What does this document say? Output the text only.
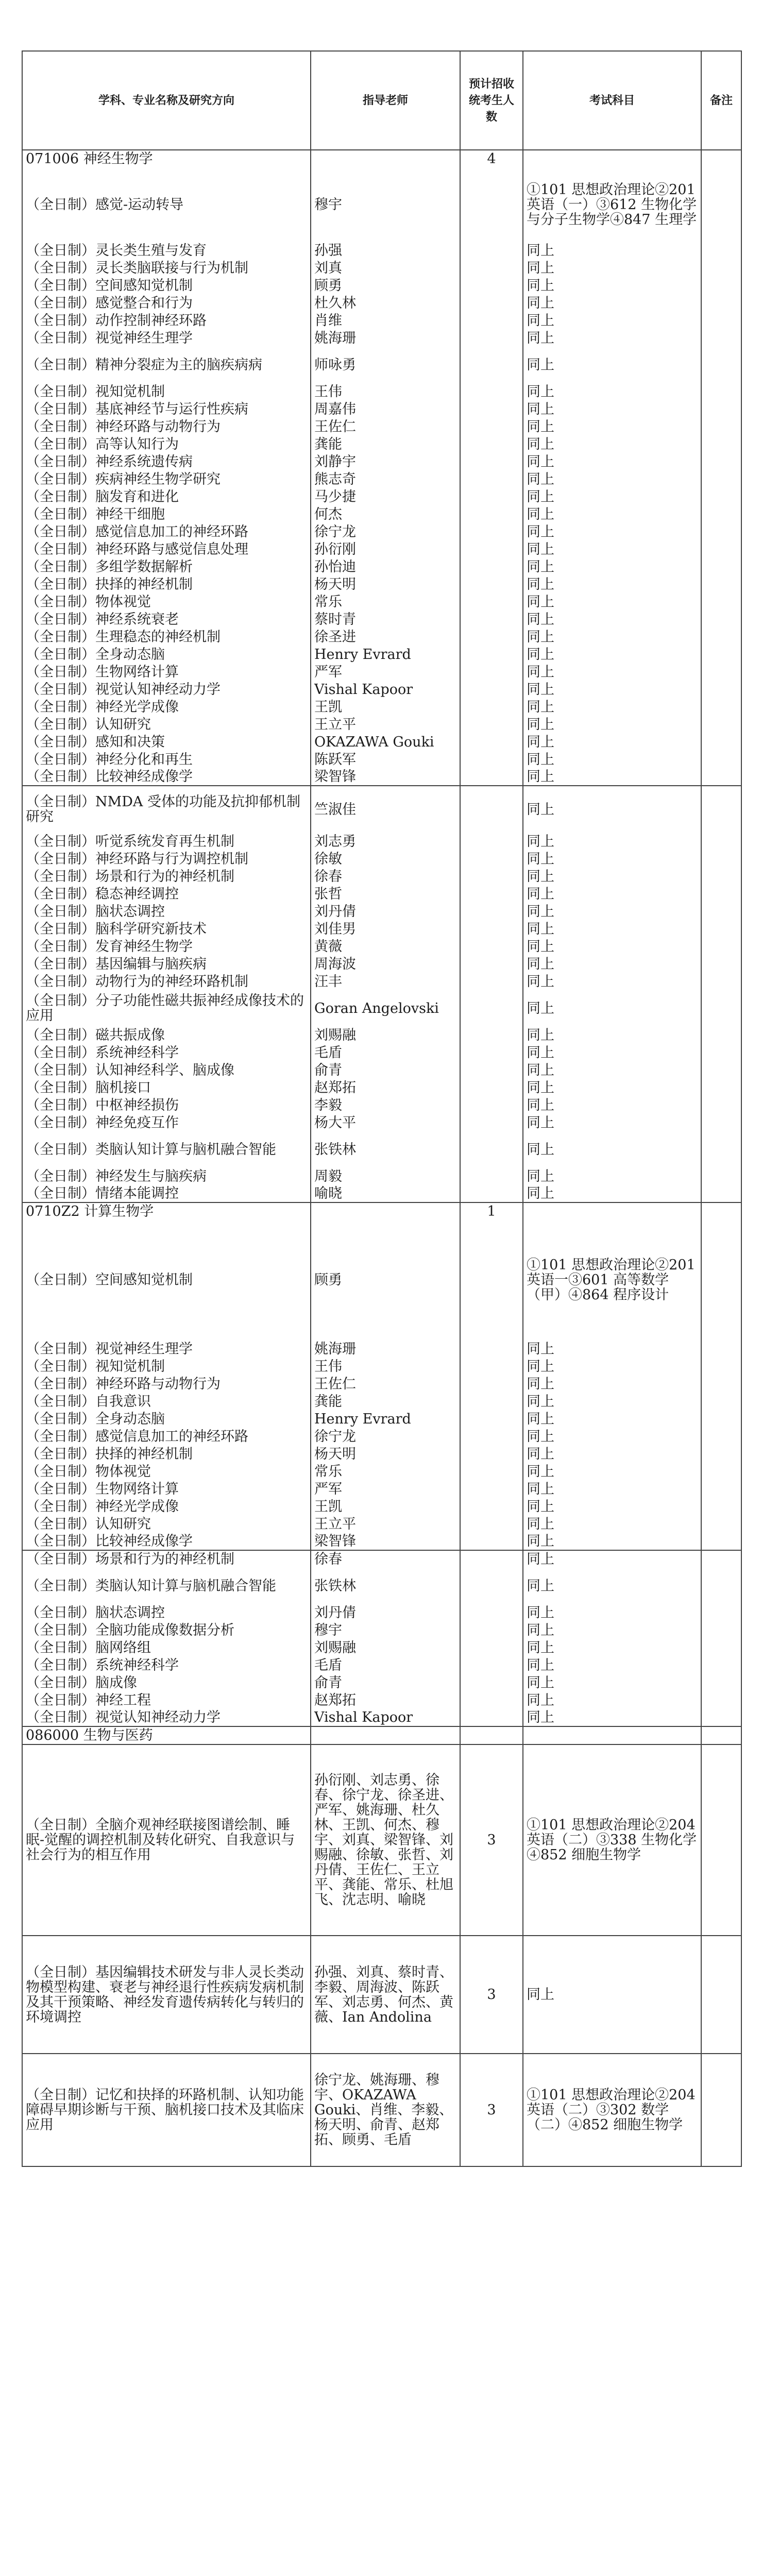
学科、专业名称及研究方向	指导老师	预计招收统考生人数	考试科目	备注
071006 神经生物学		4		
（全日制）感觉-运动转导	穆宇		①101 思想政治理论②201 英语（一）③612 生物化学与分子生物学④847 生理学	
（全日制）灵长类生殖与发育	孙强		同上	
（全日制）灵长类脑联接与行为机制	刘真		同上	
（全日制）空间感知觉机制	顾勇		同上	
（全日制）感觉整合和行为	杜久林		同上	
（全日制）动作控制神经环路	肖维		同上	
（全日制）视觉神经生理学	姚海珊		同上	
（全日制）精神分裂症为主的脑疾病病	师咏勇		同上	
（全日制）视知觉机制	王伟		同上	
（全日制）基底神经节与运行性疾病	周嘉伟		同上	
（全日制）神经环路与动物行为	王佐仁		同上	
（全日制）高等认知行为	龚能		同上	
（全日制）神经系统遗传病	刘静宇		同上	
（全日制）疾病神经生物学研究	熊志奇		同上	
（全日制）脑发育和进化	马少捷		同上	
（全日制）神经干细胞	何杰		同上	
（全日制）感觉信息加工的神经环路	徐宁龙		同上	
（全日制）神经环路与感觉信息处理	孙衍刚		同上	
（全日制）多组学数据解析	孙怡迪		同上	
（全日制）抉择的神经机制	杨天明		同上	
（全日制）物体视觉	常乐		同上	
（全日制）神经系统衰老	蔡时青		同上	
（全日制）生理稳态的神经机制	徐圣进		同上	
（全日制）全身动态脑	Henry Evrard		同上	
（全日制）生物网络计算	严军		同上	
（全日制）视觉认知神经动力学	Vishal Kapoor		同上	
（全日制）神经光学成像	王凯		同上	
（全日制）认知研究	王立平		同上	
（全日制）感知和决策	OKAZAWA Gouki		同上	
（全日制）神经分化和再生	陈跃军		同上	
（全日制）比较神经成像学	梁智锋		同上	
（全日制）NMDA 受体的功能及抗抑郁机制研究	竺淑佳		同上	
（全日制）听觉系统发育再生机制	刘志勇		同上	
（全日制）神经环路与行为调控机制	徐敏		同上	
（全日制）场景和行为的神经机制	徐春		同上	
（全日制）稳态神经调控	张哲		同上	
（全日制）脑状态调控	刘丹倩		同上	
（全日制）脑科学研究新技术	刘佳男		同上	
（全日制）发育神经生物学	黄薇		同上	
（全日制）基因编辑与脑疾病	周海波		同上	
（全日制）动物行为的神经环路机制	汪丰		同上	
（全日制）分子功能性磁共振神经成像技术的应用	Goran Angelovski		同上	
（全日制）磁共振成像	刘赐融		同上	
（全日制）系统神经科学	毛盾		同上	
（全日制）认知神经科学、脑成像	俞青		同上	
（全日制）脑机接口	赵郑拓		同上	
（全日制）中枢神经损伤	李毅		同上	
（全日制）神经免疫互作	杨大平		同上	
（全日制）类脑认知计算与脑机融合智能	张铁林		同上	
（全日制）神经发生与脑疾病	周毅		同上	
（全日制）情绪本能调控	喻晓		同上	
0710Z2 计算生物学		1		
（全日制）空间感知觉机制	顾勇		①101 思想政治理论②201 英语一③601 高等数学（甲）④864 程序设计	
（全日制）视觉神经生理学	姚海珊		同上	
（全日制）视知觉机制	王伟		同上	
（全日制）神经环路与动物行为	王佐仁		同上	
（全日制）自我意识	龚能		同上	
（全日制）全身动态脑	Henry Evrard		同上	
（全日制）感觉信息加工的神经环路	徐宁龙		同上	
（全日制）抉择的神经机制	杨天明		同上	
（全日制）物体视觉	常乐		同上	
（全日制）生物网络计算	严军		同上	
（全日制）神经光学成像	王凯		同上	
（全日制）认知研究	王立平		同上	
（全日制）比较神经成像学	梁智锋		同上	
（全日制）场景和行为的神经机制	徐春		同上	
（全日制）类脑认知计算与脑机融合智能	张铁林		同上	
（全日制）脑状态调控	刘丹倩		同上	
（全日制）全脑功能成像数据分析	穆宇		同上	
（全日制）脑网络组	刘赐融		同上	
（全日制）系统神经科学	毛盾		同上	
（全日制）脑成像	俞青		同上	
（全日制）神经工程	赵郑拓		同上	
（全日制）视觉认知神经动力学	Vishal Kapoor		同上	
086000 生物与医药				
（全日制）全脑介观神经联接图谱绘制、睡眠-觉醒的调控机制及转化研究、自我意识与社会行为的相互作用	孙衍刚、刘志勇、徐春、徐宁龙、徐圣进、严军、姚海珊、杜久林、王凯、何杰、穆宇、刘真、梁智锋、刘赐融、徐敏、张哲、刘丹倩、王佐仁、王立平、龚能、常乐、杜旭飞、沈志明、喻晓	3	①101 思想政治理论②204 英语（二）③338 生物化学④852 细胞生物学	
（全日制）基因编辑技术研发与非人灵长类动物模型构建、衰老与神经退行性疾病发病机制及其干预策略、神经发育遗传病转化与转归的环境调控	孙强、刘真、蔡时青、李毅、周海波、陈跃军、刘志勇、何杰、黄薇、Ian Andolina	3	同上	
（全日制）记忆和抉择的环路机制、认知功能障碍早期诊断与干预、脑机接口技术及其临床应用	徐宁龙、姚海珊、穆宇、OKAZAWA Gouki、肖维、李毅、杨天明、俞青、赵郑拓、顾勇、毛盾	3	①101 思想政治理论②204 英语（二）③302 数学（二）④852 细胞生物学	
